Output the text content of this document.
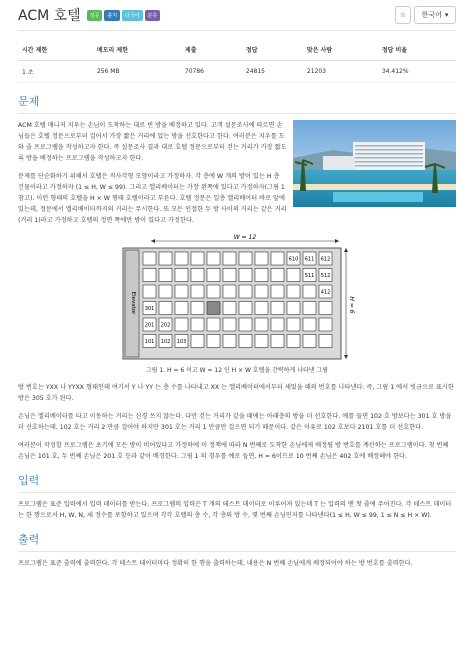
ACM 호텔	성공	출처	다국어	분류	☆	한국어 ▾
시간 제한	메모리 제한	제출	정답	맞은 사람	정답 비율
1 초	256 MB	70786	24815	21203	34.412%
문제

ACM 호텔 매니저 지우는 손님이 도착하는 대로 빈 방을 배정하고 있다. 고객 설문조사에 따르면 손님들은 호텔 정문으로부터 걸어서 가장 짧은 거리에 있는 방을 선호한다고 한다. 여러분은 지우를 도와 줄 프로그램을 작성하고자 한다. 즉 설문조사 결과 대로 호텔 정문으로부터 걷는 거리가 가장 짧도록 방을 배정하는 프로그램을 작성하고자 한다.

문제를 단순화하기 위해서 호텔은 직사각형 모양이라고 가정하자. 각 층에 W 개의 방이 있는 H 층 건물이라고 가정하자 (1 ≤ H, W ≤ 99). 그리고 엘리베이터는 가장 왼쪽에 있다고 가정하자(그림 1 참고). 이런 형태의 호텔을 H × W 형태 호텔이라고 부른다. 호텔 정문은 일층 엘리베이터 바로 앞에 있는데, 정문에서 엘리베이터까지의 거리는 무시한다. 또 모든 인접한 두 방 사이의 거리는 같은 거리(거리 1)라고 가정하고 호텔의 정면 쪽에만 방이 있다고 가정한다.

W = 12
H = 6
Elevator
610 611 612
511 512
412
301
201 202
101 102 103
그림 1. H = 6 이고 W = 12 인 H × W 호텔을 간략하게 나타낸 그림

방 번호는 YXX 나 YYXX 형태인데 여기서 Y 나 YY 는 층 수를 나타내고 XX 는 엘리베이터에서부터 세었을 때의 번호를 나타낸다. 즉, 그림 1 에서 빗금으로 표시한 방은 305 호가 된다.

손님은 엘리베이터를 타고 이동하는 거리는 신경 쓰지 않는다. 다만 걷는 거리가 같을 때에는 아래층의 방을 더 선호한다. 예를 들면 102 호 방보다는 301 호 방을 더 선호하는데, 102 호는 거리 2 만큼 걸어야 하지만 301 호는 거리 1 만큼만 걸으면 되기 때문이다. 같은 이유로 102 호보다 2101 호를 더 선호한다.

여러분이 작성할 프로그램은 초기에 모든 방이 비어있다고 가정하에 이 정책에 따라 N 번째로 도착한 손님에게 배정될 방 번호를 계산하는 프로그램이다. 첫 번째 손님은 101 호, 두 번째 손님은 201 호 등과 같이 배정한다. 그림 1 의 경우를 예로 들면, H = 6이므로 10 번째 손님은 402 호에 배정해야 한다.

입력

프로그램은 표준 입력에서 입력 데이터를 받는다. 프로그램의 입력은 T 개의 테스트 데이터로 이루어져 있는데 T 는 입력의 맨 첫 줄에 주어진다. 각 테스트 데이터는 한 행으로서 H, W, N, 세 정수를 포함하고 있으며 각각 호텔의 층 수, 각 층의 방 수, 몇 번째 손님인지를 나타낸다(1 ≤ H, W ≤ 99, 1 ≤ N ≤ H × W).

출력

프로그램은 표준 출력에 출력한다. 각 테스트 데이터마다 정확히 한 행을 출력하는데, 내용은 N 번째 손님에게 배정되어야 하는 방 번호를 출력한다.
